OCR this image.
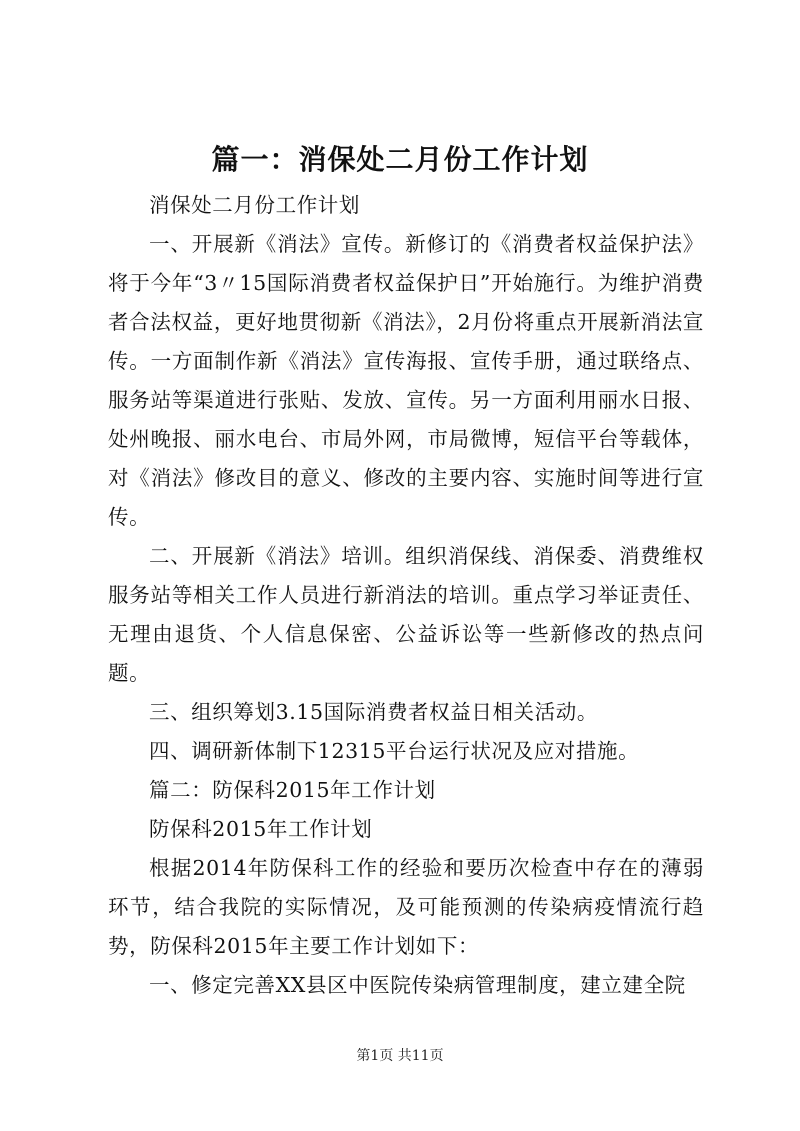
篇一：消保处二月份工作计划

消保处二月份工作计划

一、开展新《消法》宣传。新修订的《消费者权益保护法》将于今年“3〃15国际消费者权益保护日”开始施行。为维护消费者合法权益，更好地贯彻新《消法》，2月份将重点开展新消法宣传。一方面制作新《消法》宣传海报、宣传手册，通过联络点、服务站等渠道进行张贴、发放、宣传。另一方面利用丽水日报、处州晚报、丽水电台、市局外网，市局微博，短信平台等载体，对《消法》修改目的意义、修改的主要内容、实施时间等进行宣传。

二、开展新《消法》培训。组织消保线、消保委、消费维权服务站等相关工作人员进行新消法的培训。重点学习举证责任、无理由退货、个人信息保密、公益诉讼等一些新修改的热点问题。

三、组织筹划3.15国际消费者权益日相关活动。

四、调研新体制下12315平台运行状况及应对措施。

篇二：防保科2015年工作计划

防保科2015年工作计划

根据2014年防保科工作的经验和要历次检查中存在的薄弱环节，结合我院的实际情况，及可能预测的传染病疫情流行趋势，防保科2015年主要工作计划如下：

一、修定完善XX县区中医院传染病管理制度，建立建全院

第1页 共11页
